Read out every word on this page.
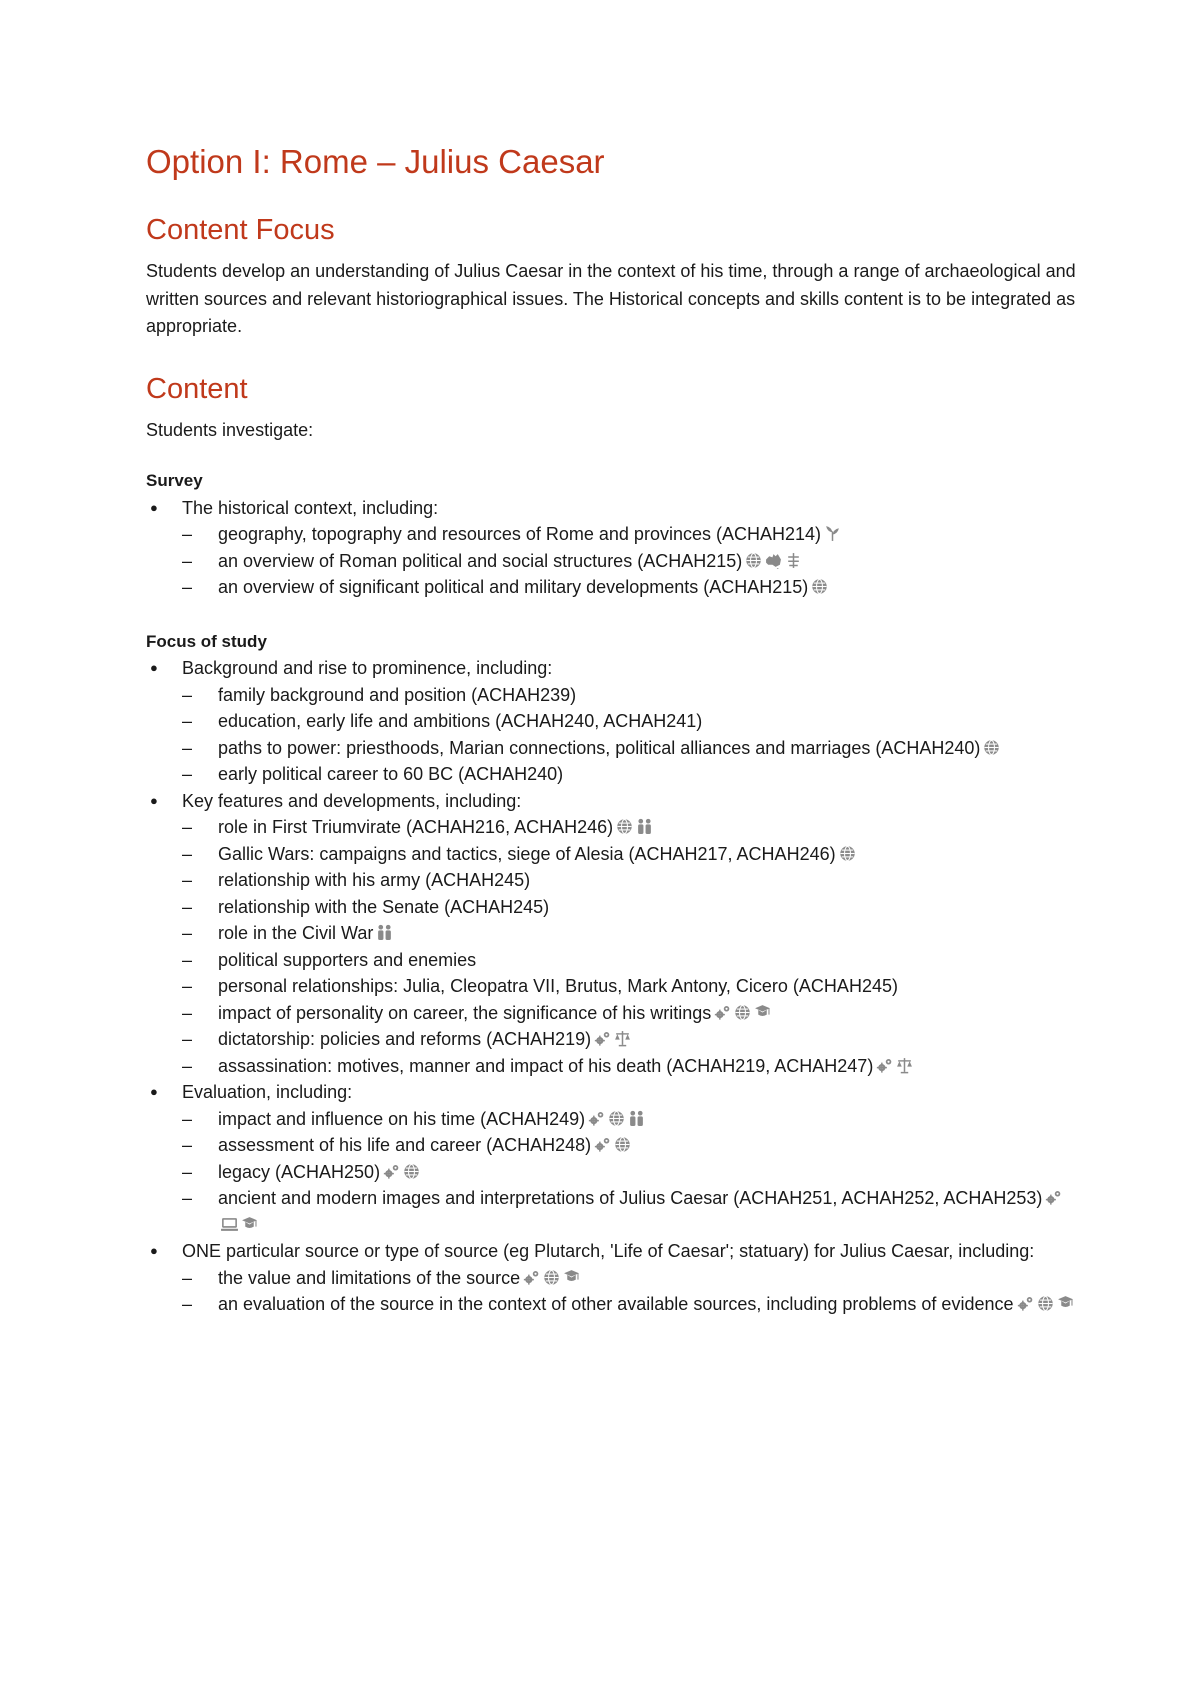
Option I: Rome – Julius Caesar
Content Focus

Students develop an understanding of Julius Caesar in the context of his time, through a range of archaeological and written sources and relevant historiographical issues. The Historical concepts and skills content is to be integrated as appropriate.

Content

Students investigate:

Survey

● The historical context, including:
– geography, topography and resources of Rome and provinces (ACHAH214)
– an overview of Roman political and social structures (ACHAH215)
– an overview of significant political and military developments (ACHAH215)

Focus of study

● Background and rise to prominence, including:
– family background and position (ACHAH239)
– education, early life and ambitions (ACHAH240, ACHAH241)
– paths to power: priesthoods, Marian connections, political alliances and marriages (ACHAH240)
– early political career to 60 BC (ACHAH240)
● Key features and developments, including:
– role in First Triumvirate (ACHAH216, ACHAH246)
– Gallic Wars: campaigns and tactics, siege of Alesia (ACHAH217, ACHAH246)
– relationship with his army (ACHAH245)
– relationship with the Senate (ACHAH245)
– role in the Civil War
– political supporters and enemies
– personal relationships: Julia, Cleopatra VII, Brutus, Mark Antony, Cicero (ACHAH245)
– impact of personality on career, the significance of his writings
– dictatorship: policies and reforms (ACHAH219)
– assassination: motives, manner and impact of his death (ACHAH219, ACHAH247)
● Evaluation, including:
– impact and influence on his time (ACHAH249)
– assessment of his life and career (ACHAH248)
– legacy (ACHAH250)
– ancient and modern images and interpretations of Julius Caesar (ACHAH251, ACHAH252, ACHAH253)
● ONE particular source or type of source (eg Plutarch, 'Life of Caesar'; statuary) for Julius Caesar, including:
– the value and limitations of the source
– an evaluation of the source in the context of other available sources, including problems of evidence
